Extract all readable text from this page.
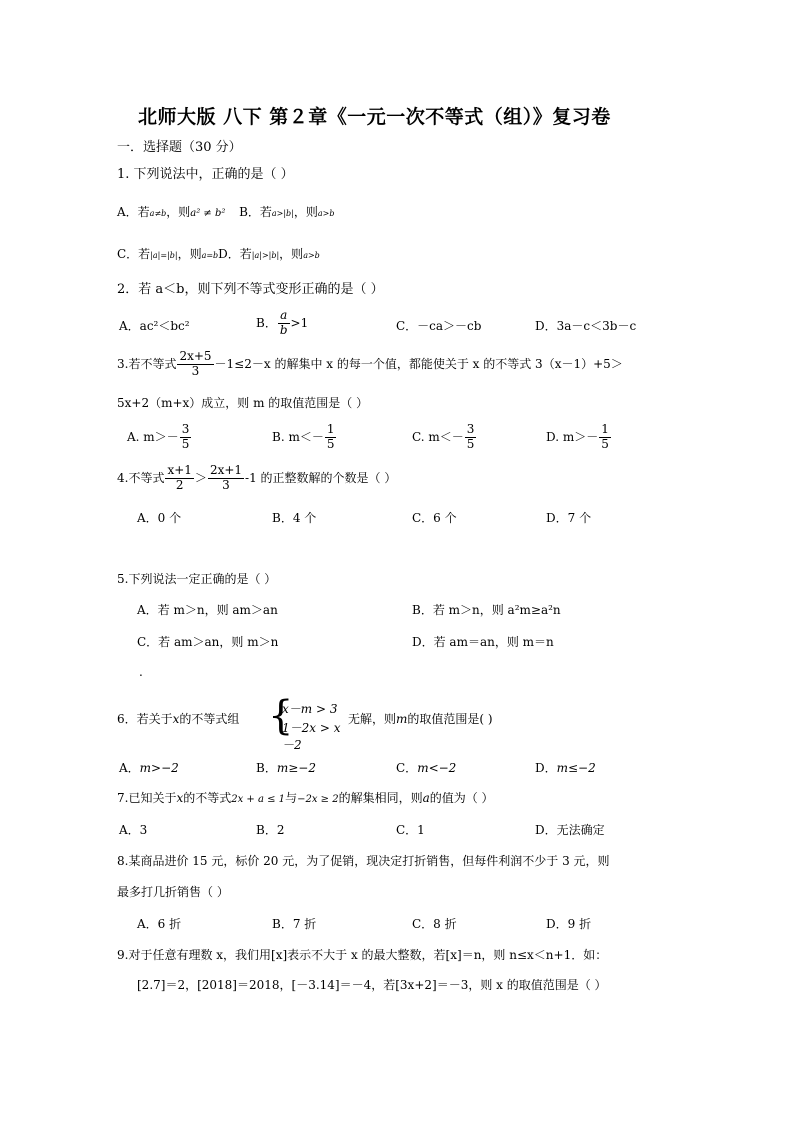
北师大版 八下 第２章《一元一次不等式（组）》复习卷
一．选择题（30 分）
1. 下列说法中，正确的是（ ）
A．若a≠b，则a² ≠ b² B．若a>|b|，则a>b
C．若|a|=|b|，则a=bD．若|a|>|b|，则a>b
2．若 a＜b，则下列不等式变形正确的是（ ）
A．ac²＜bc²	B． $\frac{a}{b} >1$	C．－ca＞－cb	D．3a－c＜3b－c
3.若不等式 $\frac{2x+5}{3} -1\le 2-x$ 的解集中 x 的每一个值，都能使关于 x 的不等式 3（x－1）+5＞
5x+2（m+x）成立，则 m 的取值范围是（ ）
A. $m>- \frac{3}{5}$	B. $m<- \frac{1}{5}$	C. $m<- \frac{3}{5}$	D. $m>- \frac{1}{5}$
4.不等式 $\frac{x+1}{2} > \frac{2x+1}{3} -1$ 的正整数解的个数是（ ）
A．0 个	B．4 个	C．6 个	D．7 个
5.下列说法一定正确的是（ ）
A．若 m＞n，则 am＞an	B．若 m＞n，则 a²m≥a²n
C．若 am＞an，则 m＞n	D．若 am＝an，则 m＝n
.
6．若关于x的不等式组 {
x－m > 3
1－2x > x－2
无解，则m的取值范围是( )
A．m>−2	B．m≥−2	C．m<−2	D．m≤−2
7.已知关于x的不等式2x + a ≤ 1与−2x ≥ 2的解集相同，则a的值为（ ）
A．3	B．2	C．1	D．无法确定
8.某商品进价 15 元，标价 20 元，为了促销，现决定打折销售，但每件利润不少于 3 元，则
最多打几折销售（ ）
A．6 折	B．7 折	C．8 折	D．9 折
9.对于任意有理数 x，我们用[x]表示不大于 x 的最大整数，若[x]＝n，则 n≤x＜n+1．如：
[2.7]＝2，[2018]＝2018，[－3.14]＝－4，若[3x+2]＝－3，则 x 的取值范围是（ ）
